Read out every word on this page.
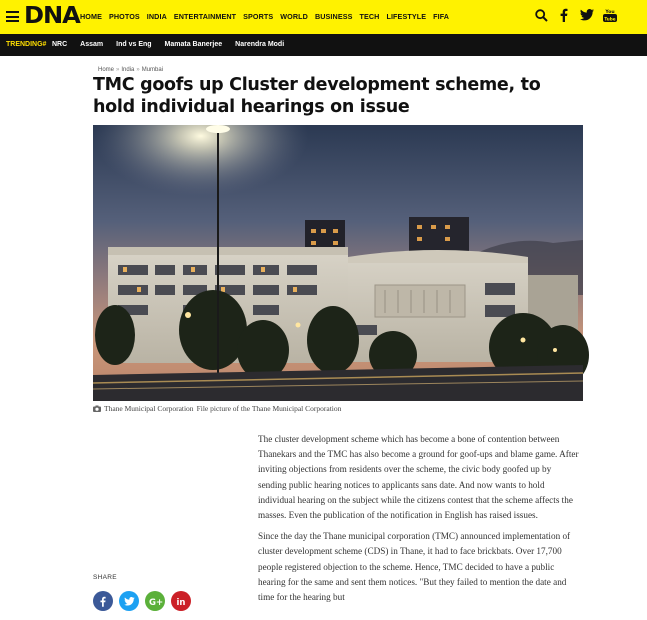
DNA HOME PHOTOS INDIA ENTERTAINMENT SPORTS WORLD BUSINESS TECH LIFESTYLE FIFA	Tube
You
TRENDING# NRC Assam Ind vs Eng Mamata Banerjee Narendra Modi
Home » India » Mumbai
TMC goofs up Cluster development scheme, to hold individual hearings on issue
Thane Municipal Corporation File picture of the Thane Municipal Corporation
SHARE
G+ in

The cluster development scheme which has become a bone of contention between Thanekars and the TMC has also become a ground for goof-ups and blame game. After inviting objections from residents over the scheme, the civic body goofed up by sending public hearing notices to applicants sans date. And now wants to hold individual hearing on the subject while the citizens contest that the scheme affects the masses. Even the publication of the notification in English has raised issues.

Since the day the Thane municipal corporation (TMC) announced implementation of cluster development scheme (CDS) in Thane, it had to face brickbats. Over 17,700 people registered objection to the scheme. Hence, TMC decided to have a public hearing for the same and sent them notices. "But they failed to mention the date and time for the hearing but
